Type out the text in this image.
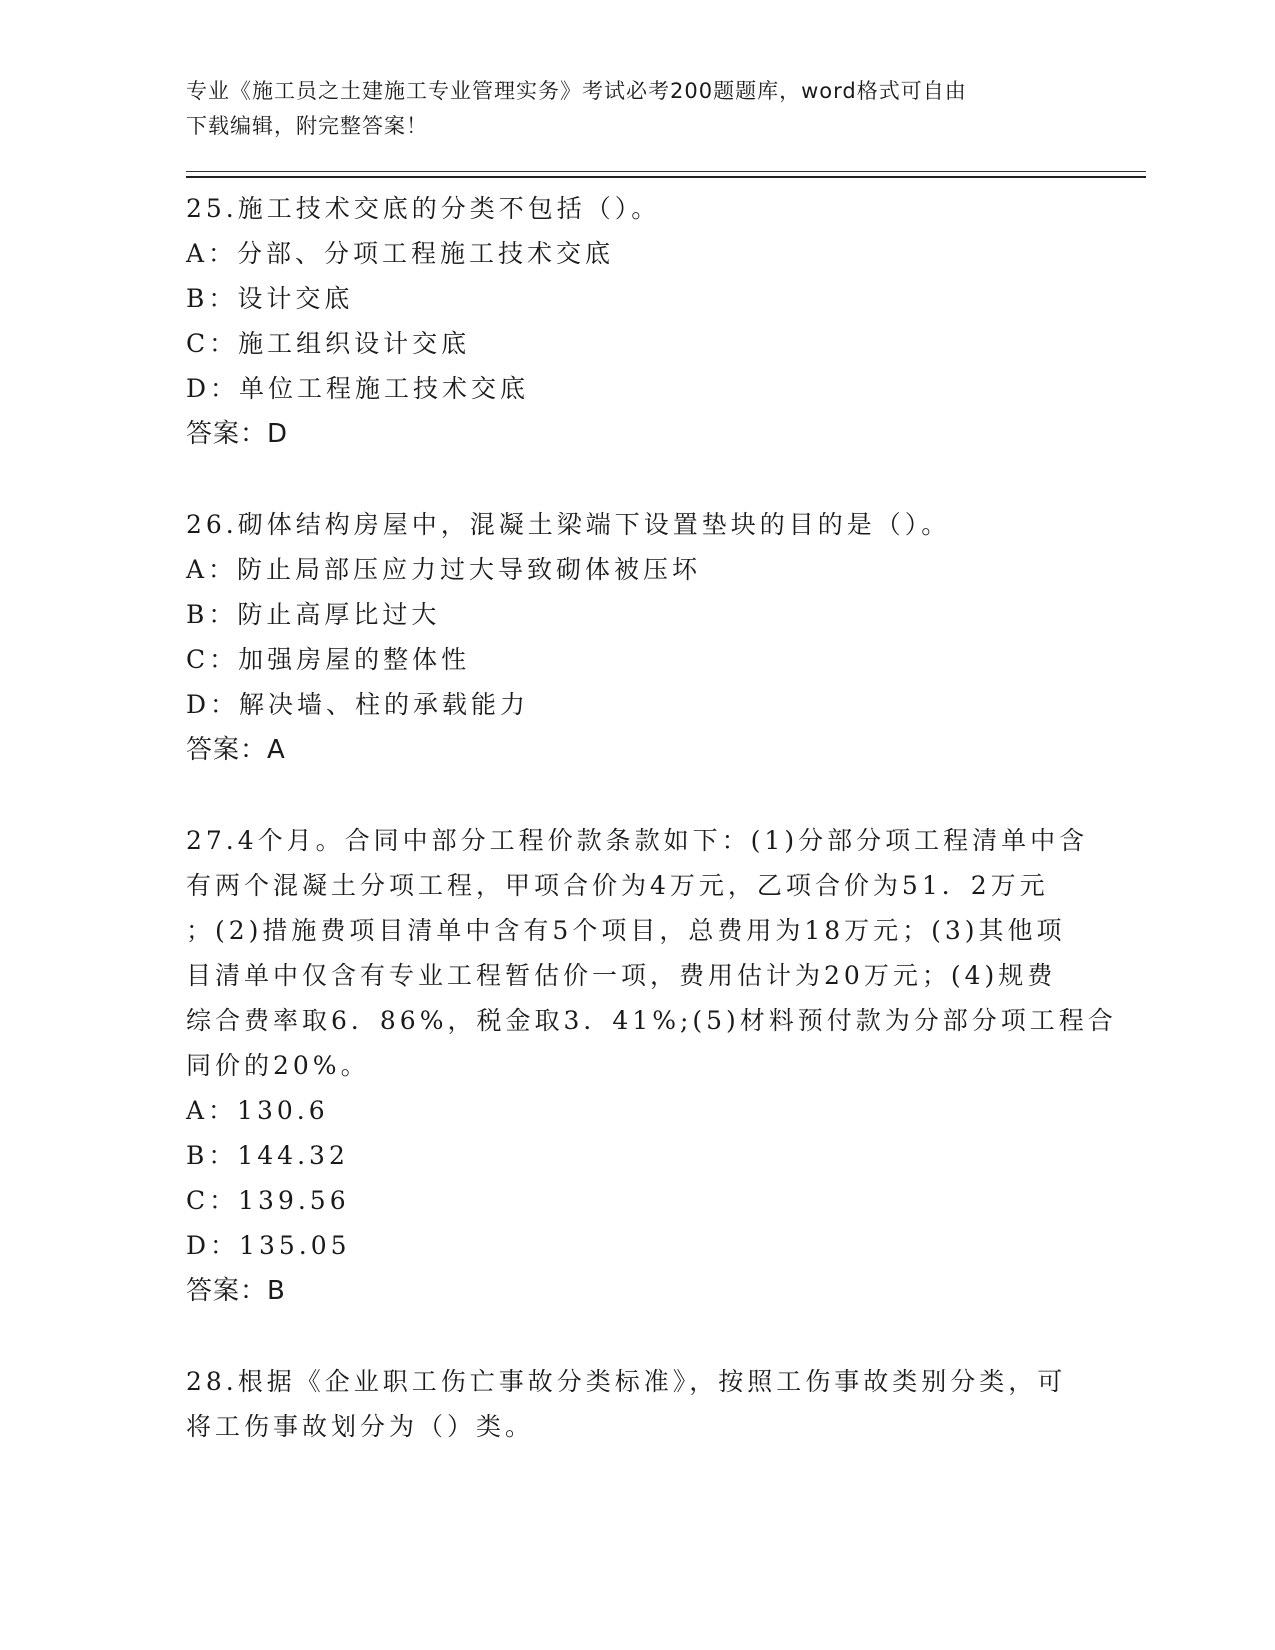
专业《施工员之土建施工专业管理实务》考试必考200题题库，word格式可自由
下载编辑，附完整答案！
25.施工技术交底的分类不包括（）。
A：分部、分项工程施工技术交底
B：设计交底
C：施工组织设计交底
D：单位工程施工技术交底
答案：D
26.砌体结构房屋中，混凝土梁端下设置垫块的目的是（）。
A：防止局部压应力过大导致砌体被压坏
B：防止高厚比过大
C：加强房屋的整体性
D：解决墙、柱的承载能力
答案：A
27.4个月。合同中部分工程价款条款如下：(1)分部分项工程清单中含
有两个混凝土分项工程，甲项合价为4万元，乙项合价为51．2万元
；(2)措施费项目清单中含有5个项目，总费用为18万元；(3)其他项
目清单中仅含有专业工程暂估价一项，费用估计为20万元；(4)规费
综合费率取6．86%，税金取3．41%;(5)材料预付款为分部分项工程合
同价的20%。
A：130.6
B：144.32
C：139.56
D：135.05
答案：B
28.根据《企业职工伤亡事故分类标准》，按照工伤事故类别分类，可
将工伤事故划分为（）类。
